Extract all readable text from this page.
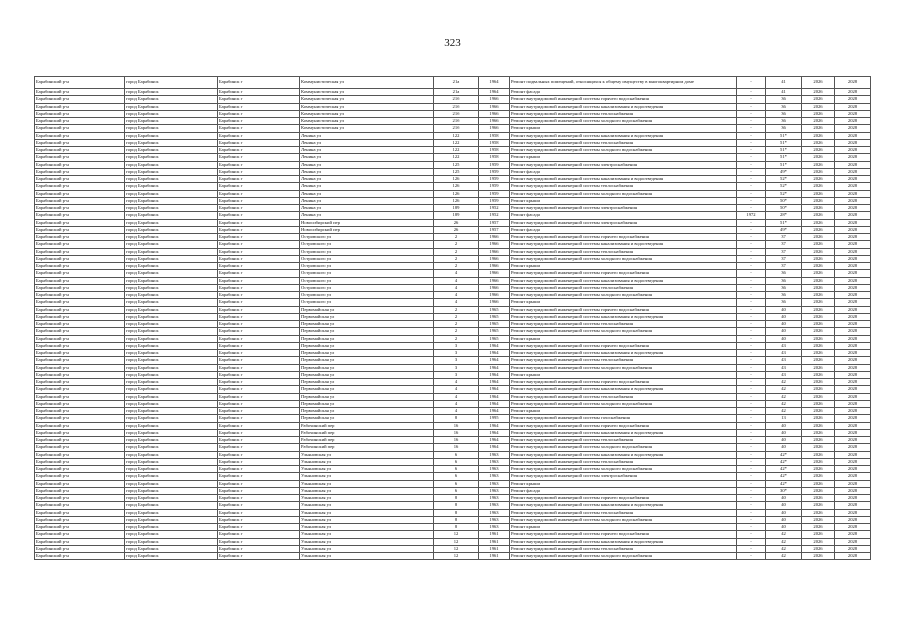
323
Барабинский р-н	город Барабинск	Барабинск г	Коммунистическая ул	21а	1964	Ремонт подвальных помещений, относящихся к общему имуществу в многоквартирном доме	-	41	2026	2028
Барабинский р-н	город Барабинск	Барабинск г	Коммунистическая ул	21а	1964	Ремонт фасада	-	41	2026	2028
Барабинский р-н	город Барабинск	Барабинск г	Коммунистическая ул	21б	1966	Ремонт внутридомовой инженерной системы горячего водоснабжения	-	36	2026	2028
Барабинский р-н	город Барабинск	Барабинск г	Коммунистическая ул	21б	1966	Ремонт внутридомовой инженерной системы канализования и водоотведения	-	36	2026	2028
Барабинский р-н	город Барабинск	Барабинск г	Коммунистическая ул	21б	1966	Ремонт внутридомовой инженерной системы теплоснабжения	-	36	2026	2028
Барабинский р-н	город Барабинск	Барабинск г	Коммунистическая ул	21б	1966	Ремонт внутридомовой инженерной системы холодного водоснабжения	-	36	2026	2028
Барабинский р-н	город Барабинск	Барабинск г	Коммунистическая ул	21б	1966	Ремонт крыши	-	36	2026	2028
Барабинский р-н	город Барабинск	Барабинск г	Ленина ул	122	1958	Ремонт внутридомовой инженерной системы канализования и водоотведения	-	51*	2026	2028
Барабинский р-н	город Барабинск	Барабинск г	Ленина ул	122	1958	Ремонт внутридомовой инженерной системы теплоснабжения	-	51*	2026	2028
Барабинский р-н	город Барабинск	Барабинск г	Ленина ул	122	1958	Ремонт внутридомовой инженерной системы холодного водоснабжения	-	51*	2026	2028
Барабинский р-н	город Барабинск	Барабинск г	Ленина ул	122	1958	Ремонт крыши	-	51*	2026	2028
Барабинский р-н	город Барабинск	Барабинск г	Ленина ул	125	1959	Ремонт внутридомовой инженерной системы электроснабжения	-	51*	2026	2028
Барабинский р-н	город Барабинск	Барабинск г	Ленина ул	125	1959	Ремонт фасада	-	49*	2026	2028
Барабинский р-н	город Барабинск	Барабинск г	Ленина ул	126	1959	Ремонт внутридомовой инженерной системы канализования и водоотведения	-	52*	2026	2028
Барабинский р-н	город Барабинск	Барабинск г	Ленина ул	126	1959	Ремонт внутридомовой инженерной системы теплоснабжения	-	52*	2026	2028
Барабинский р-н	город Барабинск	Барабинск г	Ленина ул	126	1959	Ремонт внутридомовой инженерной системы холодного водоснабжения	-	52*	2026	2028
Барабинский р-н	город Барабинск	Барабинск г	Ленина ул	126	1959	Ремонт крыши	-	50*	2026	2028
Барабинский р-н	город Барабинск	Барабинск г	Ленина ул	189	1952	Ремонт внутридомовой инженерной системы электроснабжения	-	50*	2026	2028
Барабинский р-н	город Барабинск	Барабинск г	Ленина ул	189	1952	Ремонт фасада	1972	28*	2026	2028
Барабинский р-н	город Барабинск	Барабинск г	Новосибирский пер	26	1957	Ремонт внутридомовой инженерной системы электроснабжения	-	51*	2026	2028
Барабинский р-н	город Барабинск	Барабинск г	Новосибирский пер	26	1957	Ремонт фасада	-	49*	2026	2028
Барабинский р-н	город Барабинск	Барабинск г	Островского ул	2	1966	Ремонт внутридомовой инженерной системы горячего водоснабжения	-	37	2026	2028
Барабинский р-н	город Барабинск	Барабинск г	Островского ул	2	1966	Ремонт внутридомовой инженерной системы канализования и водоотведения	-	37	2026	2028
Барабинский р-н	город Барабинск	Барабинск г	Островского ул	2	1966	Ремонт внутридомовой инженерной системы теплоснабжения	-	37	2026	2028
Барабинский р-н	город Барабинск	Барабинск г	Островского ул	2	1966	Ремонт внутридомовой инженерной системы холодного водоснабжения	-	37	2026	2028
Барабинский р-н	город Барабинск	Барабинск г	Островского ул	2	1966	Ремонт крыши	-	37	2026	2028
Барабинский р-н	город Барабинск	Барабинск г	Островского ул	4	1966	Ремонт внутридомовой инженерной системы горячего водоснабжения	-	36	2026	2028
Барабинский р-н	город Барабинск	Барабинск г	Островского ул	4	1966	Ремонт внутридомовой инженерной системы канализования и водоотведения	-	36	2026	2028
Барабинский р-н	город Барабинск	Барабинск г	Островского ул	4	1966	Ремонт внутридомовой инженерной системы теплоснабжения	-	36	2026	2028
Барабинский р-н	город Барабинск	Барабинск г	Островского ул	4	1966	Ремонт внутридомовой инженерной системы холодного водоснабжения	-	36	2026	2028
Барабинский р-н	город Барабинск	Барабинск г	Островского ул	4	1966	Ремонт крыши	-	36	2026	2028
Барабинский р-н	город Барабинск	Барабинск г	Первомайская ул	2	1965	Ремонт внутридомовой инженерной системы горячего водоснабжения	-	40	2026	2028
Барабинский р-н	город Барабинск	Барабинск г	Первомайская ул	2	1965	Ремонт внутридомовой инженерной системы канализования и водоотведения	-	40	2026	2028
Барабинский р-н	город Барабинск	Барабинск г	Первомайская ул	2	1965	Ремонт внутридомовой инженерной системы теплоснабжения	-	40	2026	2028
Барабинский р-н	город Барабинск	Барабинск г	Первомайская ул	2	1965	Ремонт внутридомовой инженерной системы холодного водоснабжения	-	40	2026	2028
Барабинский р-н	город Барабинск	Барабинск г	Первомайская ул	2	1965	Ремонт крыши	-	40	2026	2028
Барабинский р-н	город Барабинск	Барабинск г	Первомайская ул	3	1964	Ремонт внутридомовой инженерной системы горячего водоснабжения	-	43	2026	2028
Барабинский р-н	город Барабинск	Барабинск г	Первомайская ул	3	1964	Ремонт внутридомовой инженерной системы канализования и водоотведения	-	43	2026	2028
Барабинский р-н	город Барабинск	Барабинск г	Первомайская ул	3	1964	Ремонт внутридомовой инженерной системы теплоснабжения	-	43	2026	2028
Барабинский р-н	город Барабинск	Барабинск г	Первомайская ул	3	1964	Ремонт внутридомовой инженерной системы холодного водоснабжения	-	43	2026	2028
Барабинский р-н	город Барабинск	Барабинск г	Первомайская ул	3	1964	Ремонт крыши	-	43	2026	2028
Барабинский р-н	город Барабинск	Барабинск г	Первомайская ул	4	1964	Ремонт внутридомовой инженерной системы горячего водоснабжения	-	42	2026	2028
Барабинский р-н	город Барабинск	Барабинск г	Первомайская ул	4	1964	Ремонт внутридомовой инженерной системы канализования и водоотведения	-	42	2026	2028
Барабинский р-н	город Барабинск	Барабинск г	Первомайская ул	4	1964	Ремонт внутридомовой инженерной системы теплоснабжения	-	42	2026	2028
Барабинский р-н	город Барабинск	Барабинск г	Первомайская ул	4	1964	Ремонт внутридомовой инженерной системы холодного водоснабжения	-	42	2026	2028
Барабинский р-н	город Барабинск	Барабинск г	Первомайская ул	4	1964	Ремонт крыши	-	42	2026	2028
Барабинский р-н	город Барабинск	Барабинск г	Первомайская ул	8	1995	Ремонт внутридомовой инженерной системы газоснабжения	-	13	2026	2028
Барабинский р-н	город Барабинск	Барабинск г	Рабочинский пер	16	1964	Ремонт внутридомовой инженерной системы горячего водоснабжения	-	40	2026	2028
Барабинский р-н	город Барабинск	Барабинск г	Рабочинский пер	16	1964	Ремонт внутридомовой инженерной системы канализования и водоотведения	-	40	2026	2028
Барабинский р-н	город Барабинск	Барабинск г	Рабочинский пер	16	1964	Ремонт внутридомовой инженерной системы теплоснабжения	-	40	2026	2028
Барабинский р-н	город Барабинск	Барабинск г	Рабочинский пер	16	1964	Ремонт внутридомовой инженерной системы холодного водоснабжения	-	40	2026	2028
Барабинский р-н	город Барабинск	Барабинск г	Ульяновская ул	6	1963	Ремонт внутридомовой инженерной системы канализования и водоотведения	-	42*	2026	2028
Барабинский р-н	город Барабинск	Барабинск г	Ульяновская ул	6	1963	Ремонт внутридомовой инженерной системы теплоснабжения	-	42*	2026	2028
Барабинский р-н	город Барабинск	Барабинск г	Ульяновская ул	6	1963	Ремонт внутридомовой инженерной системы холодного водоснабжения	-	42*	2026	2028
Барабинский р-н	город Барабинск	Барабинск г	Ульяновская ул	6	1963	Ремонт внутридомовой инженерной системы электроснабжения	-	42*	2026	2028
Барабинский р-н	город Барабинск	Барабинск г	Ульяновская ул	6	1963	Ремонт крыши	-	42*	2026	2028
Барабинский р-н	город Барабинск	Барабинск г	Ульяновская ул	6	1963	Ремонт фасада	-	30*	2026	2028
Барабинский р-н	город Барабинск	Барабинск г	Ульяновская ул	8	1963	Ремонт внутридомовой инженерной системы горячего водоснабжения	-	40	2026	2028
Барабинский р-н	город Барабинск	Барабинск г	Ульяновская ул	8	1963	Ремонт внутридомовой инженерной системы канализования и водоотведения	-	40	2026	2028
Барабинский р-н	город Барабинск	Барабинск г	Ульяновская ул	8	1963	Ремонт внутридомовой инженерной системы теплоснабжения	-	40	2026	2028
Барабинский р-н	город Барабинск	Барабинск г	Ульяновская ул	8	1963	Ремонт внутридомовой инженерной системы холодного водоснабжения	-	40	2026	2028
Барабинский р-н	город Барабинск	Барабинск г	Ульяновская ул	8	1963	Ремонт крыши	-	40	2026	2028
Барабинский р-н	город Барабинск	Барабинск г	Ульяновская ул	12	1961	Ремонт внутридомовой инженерной системы горячего водоснабжения	-	42	2026	2028
Барабинский р-н	город Барабинск	Барабинск г	Ульяновская ул	12	1961	Ремонт внутридомовой инженерной системы канализования и водоотведения	-	42	2026	2028
Барабинский р-н	город Барабинск	Барабинск г	Ульяновская ул	12	1961	Ремонт внутридомовой инженерной системы теплоснабжения	-	42	2026	2028
Барабинский р-н	город Барабинск	Барабинск г	Ульяновская ул	12	1961	Ремонт внутридомовой инженерной системы холодного водоснабжения	-	42	2026	2028
